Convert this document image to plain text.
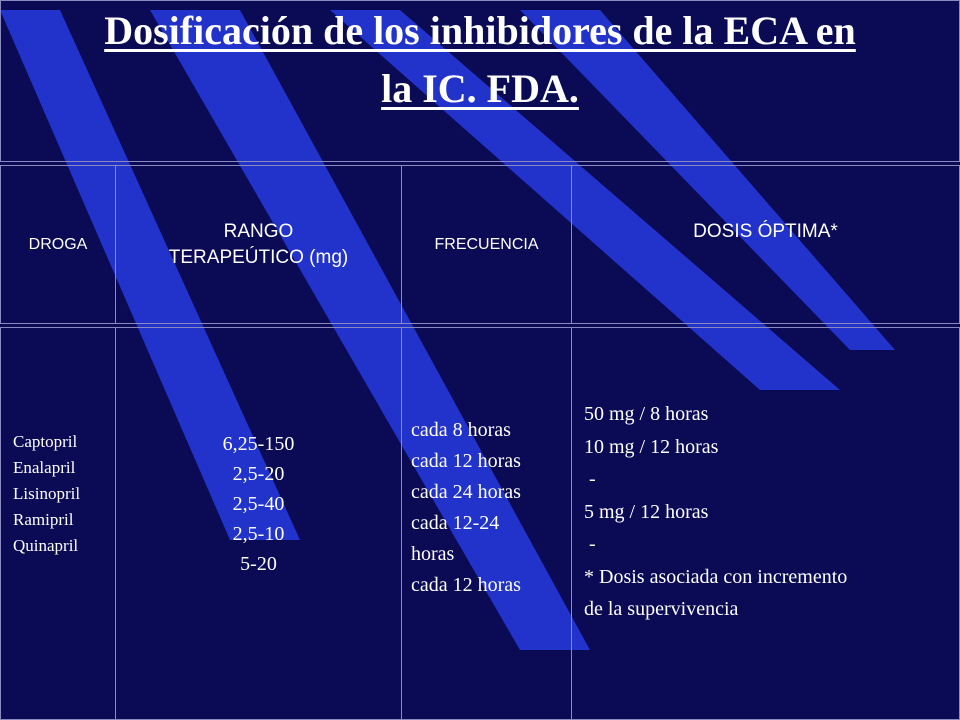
Dosificación de los inhibidores de la ECA en
la IC. FDA.
DROGA
RANGO
TERAPEÚTICO (mg)
FRECUENCIA
DOSIS ÓPTIMA*
Captopril
Enalapril
Lisinopril
Ramipril
Quinapril
6,25-150
2,5-20
2,5-40
2,5-10
5-20
cada 8 horas
cada 12 horas
cada 24 horas
cada 12-24
horas
cada 12 horas
50 mg / 8 horas
10 mg / 12 horas
-
5 mg / 12 horas
-
* Dosis asociada con incremento
de la supervivencia
